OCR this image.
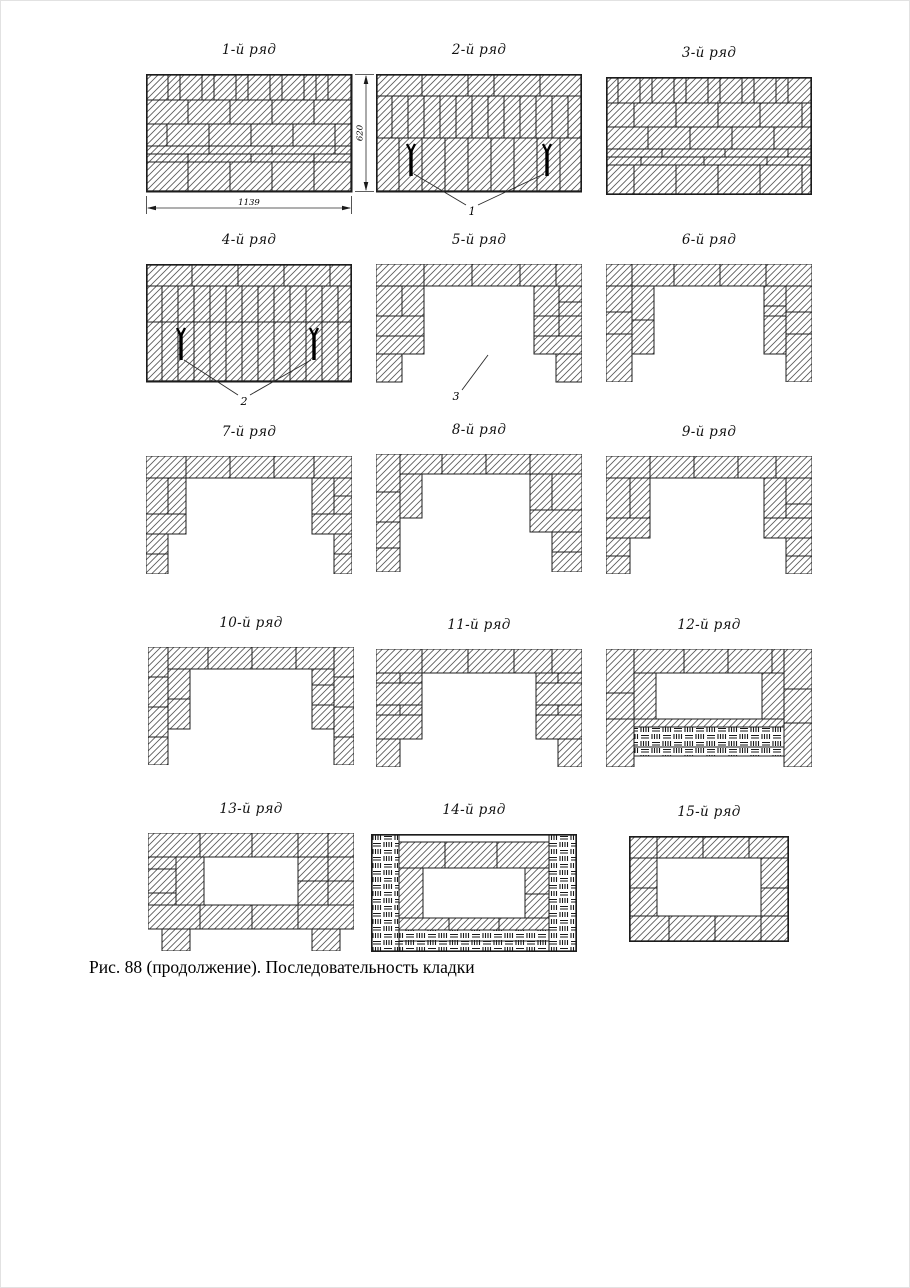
1-й ряд
1139
620
2-й ряд
1
3-й ряд
4-й ряд
2
5-й ряд
3
6-й ряд
7-й ряд	8-й ряд	9-й ряд
10-й ряд	11-й ряд	12-й ряд
13-й ряд	14-й ряд	15-й ряд
Рис. 88 (продолжение). Последовательность кладки
